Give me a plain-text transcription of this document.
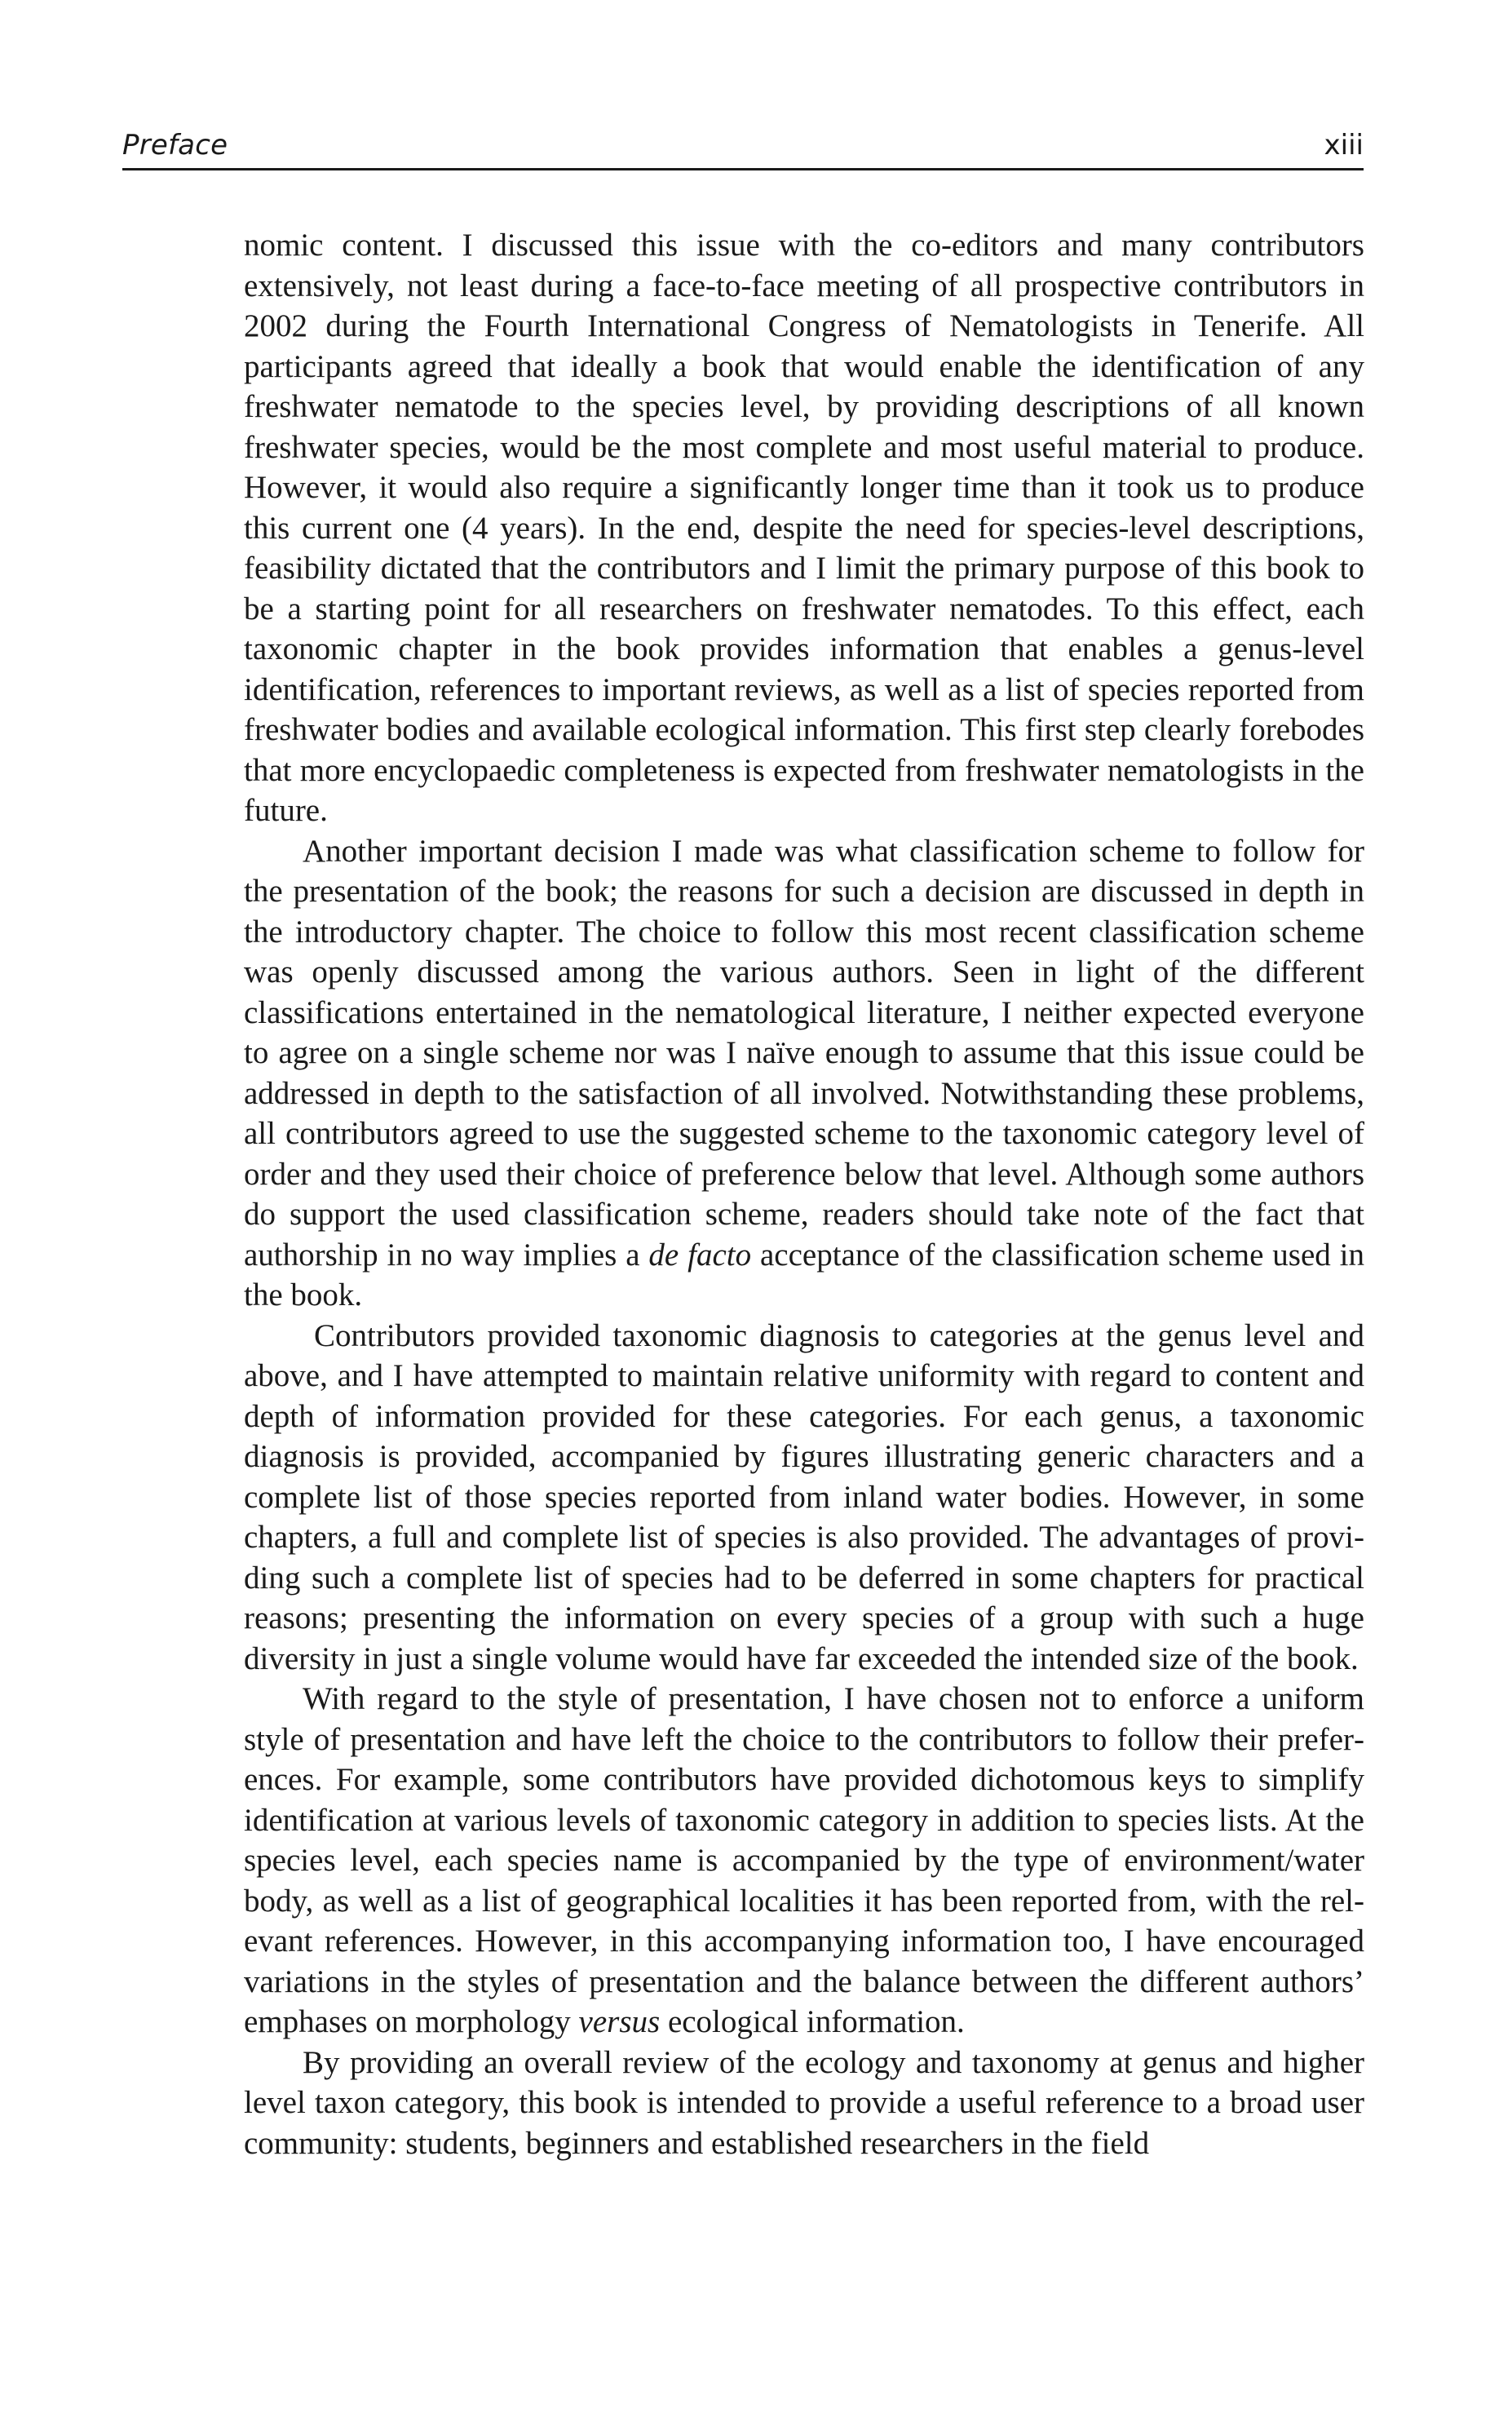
Preface	xiii

nomic content. I discussed this issue with the co-editors and many contributors extensively, not least during a face-to-face meeting of all prospective contributors in 2002 during the Fourth International Congress of Nematologists in Tenerife. All participants agreed that ideally a book that would enable the identification of any freshwater nematode to the species level, by providing descriptions of all known freshwater species, would be the most complete and most useful material to produce. However, it would also require a significantly longer time than it took us to produce this current one (4 years). In the end, despite the need for species-level descriptions, feasibility dictated that the contributors and I limit the primary purpose of this book to be a starting point for all researchers on freshwater nematodes. To this effect, each taxonomic chapter in the book provides information that enables a genus-level identification, references to important reviews, as well as a list of species reported from freshwater bodies and available ecological information. This first step clearly forebodes that more encyclopaedic completeness is expected from freshwater nematologists in the future.

Another important decision I made was what classification scheme to follow for the presentation of the book; the reasons for such a decision are discussed in depth in the introductory chapter. The choice to follow this most recent classification scheme was openly discussed among the various authors. Seen in light of the different classifications entertained in the nematological literature, I neither expected everyone to agree on a single scheme nor was I naïve enough to assume that this issue could be addressed in depth to the satisfaction of all involved. Notwithstanding these problems, all contributors agreed to use the suggested scheme to the taxonomic category level of order and they used their choice of preference below that level. Although some authors do support the used classification scheme, readers should take note of the fact that authorship in no way implies a de facto acceptance of the classification scheme used in the book.

Contributors provided taxonomic diagnosis to categories at the genus level and above, and I have attempted to maintain relative uniformity with regard to content and depth of information provided for these categories. For each genus, a taxonomic diagnosis is provided, accompanied by figures illustrating generic characters and a complete list of those species reported from inland water bodies. However, in some chapters, a full and complete list of species is also provided. The advantages of providing such a complete list of species had to be deferred in some chapters for practical reasons; presenting the information on every species of a group with such a huge diversity in just a single volume would have far exceeded the intended size of the book.

With regard to the style of presentation, I have chosen not to enforce a uniform style of presentation and have left the choice to the contributors to follow their preferences. For example, some contributors have provided dichotomous keys to simplify identification at various levels of taxonomic category in addition to species lists. At the species level, each species name is accompanied by the type of environment/water body, as well as a list of geographical localities it has been reported from, with the relevant references. However, in this accompanying information too, I have encouraged variations in the styles of presentation and the balance between the different authors’ emphases on morphology versus ecological information.

By providing an overall review of the ecology and taxonomy at genus and higher level taxon category, this book is intended to provide a useful reference to a broad user community: students, beginners and established researchers in the field
